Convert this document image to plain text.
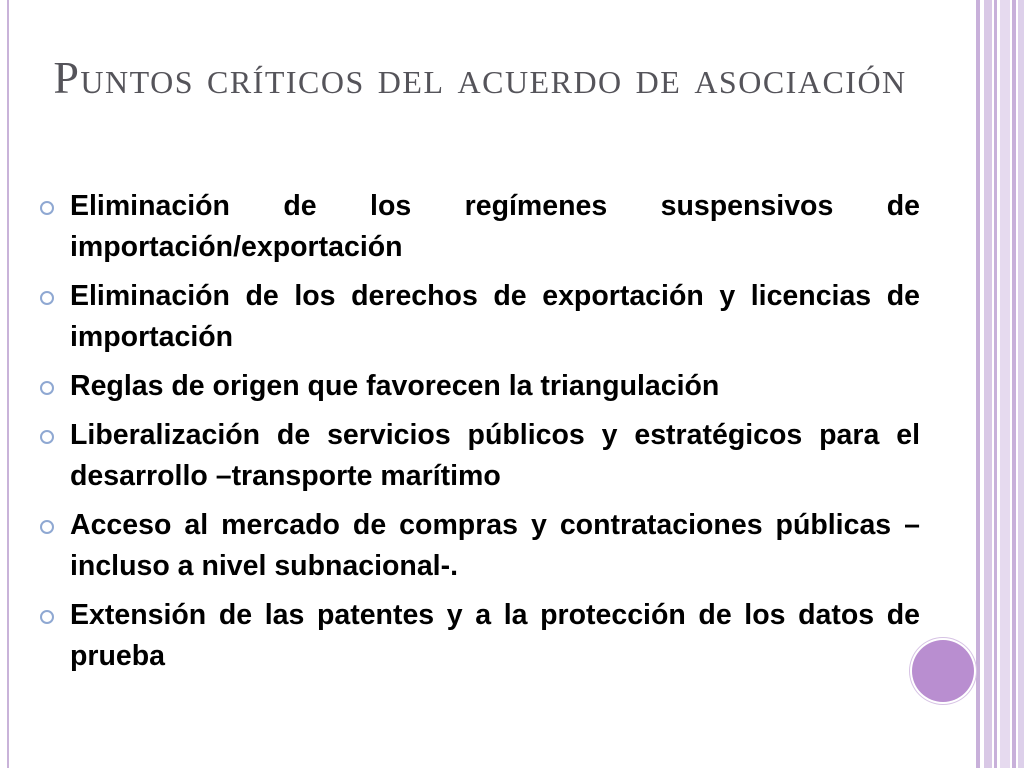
Puntos críticos del acuerdo de asociación
Eliminación de los regímenes suspensivos de importación/exportación
Eliminación de los derechos de exportación y licencias de importación
Reglas de origen que favorecen la triangulación
Liberalización de servicios públicos y estratégicos para el desarrollo –transporte marítimo
Acceso al mercado de compras y contrataciones públicas – incluso a nivel subnacional-.
Extensión de las patentes y a la protección de los datos de prueba
